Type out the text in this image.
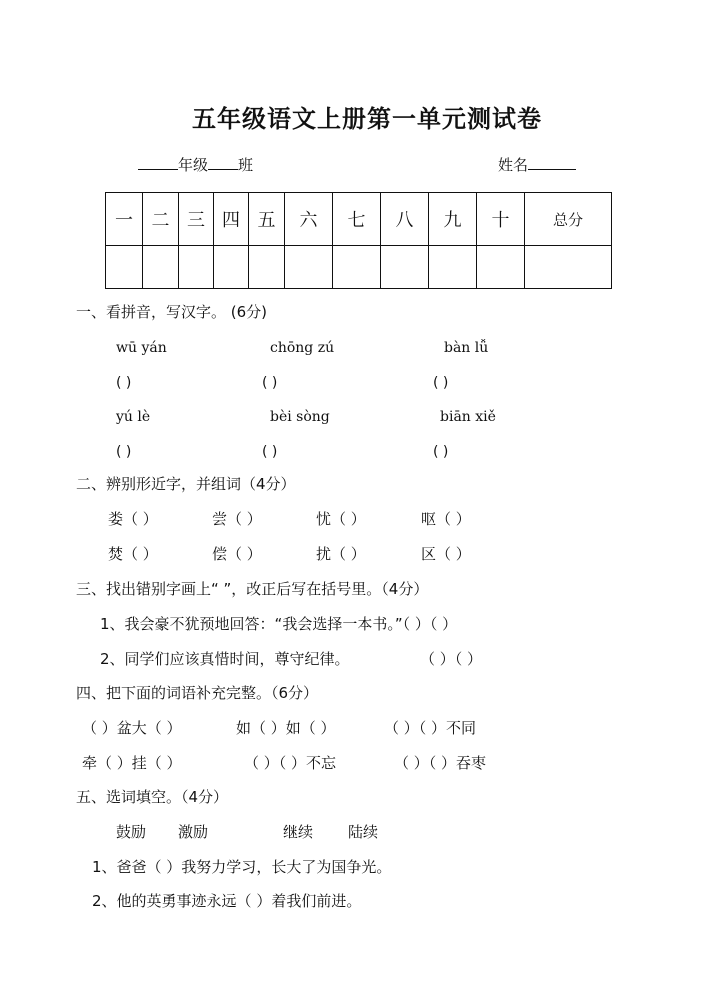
五年级语文上册第一单元测试卷
年级 班	姓名
一	二	三	四	五	六	七	八	九	十	总分

一、看拼音，写汉字。 (6分)
wū yán	chōng zú	bàn lǚ
( )	( )	( )
yú lè	bèi sòng	biān xiě
( )	( )	( )
二、辨别形近字，并组词（4分）
娄（ ）	尝（ ）	忧（ ）	呕（ ）
焚（ ）	偿（ ）	扰（ ）	区（ ）
三、找出错别字画上“ ”，改正后写在括号里。（4分）
1、我会豪不犹预地回答：“我会选择一本书。”（ ）（ ）
2、同学们应该真惜时间，尊守纪律。	（ ）（ ）
四、把下面的词语补充完整。（6分）
（ ）盆大（ ）	如（ ）如（ ）	（ ）（ ）不同
牵（ ）挂（ ）	（ ）（ ）不忘	（ ）（ ）吞枣
五、选词填空。（4分）
鼓励 激励	继续 陆续
1、爸爸（ ）我努力学习，长大了为国争光。
2、他的英勇事迹永远（ ）着我们前进。
